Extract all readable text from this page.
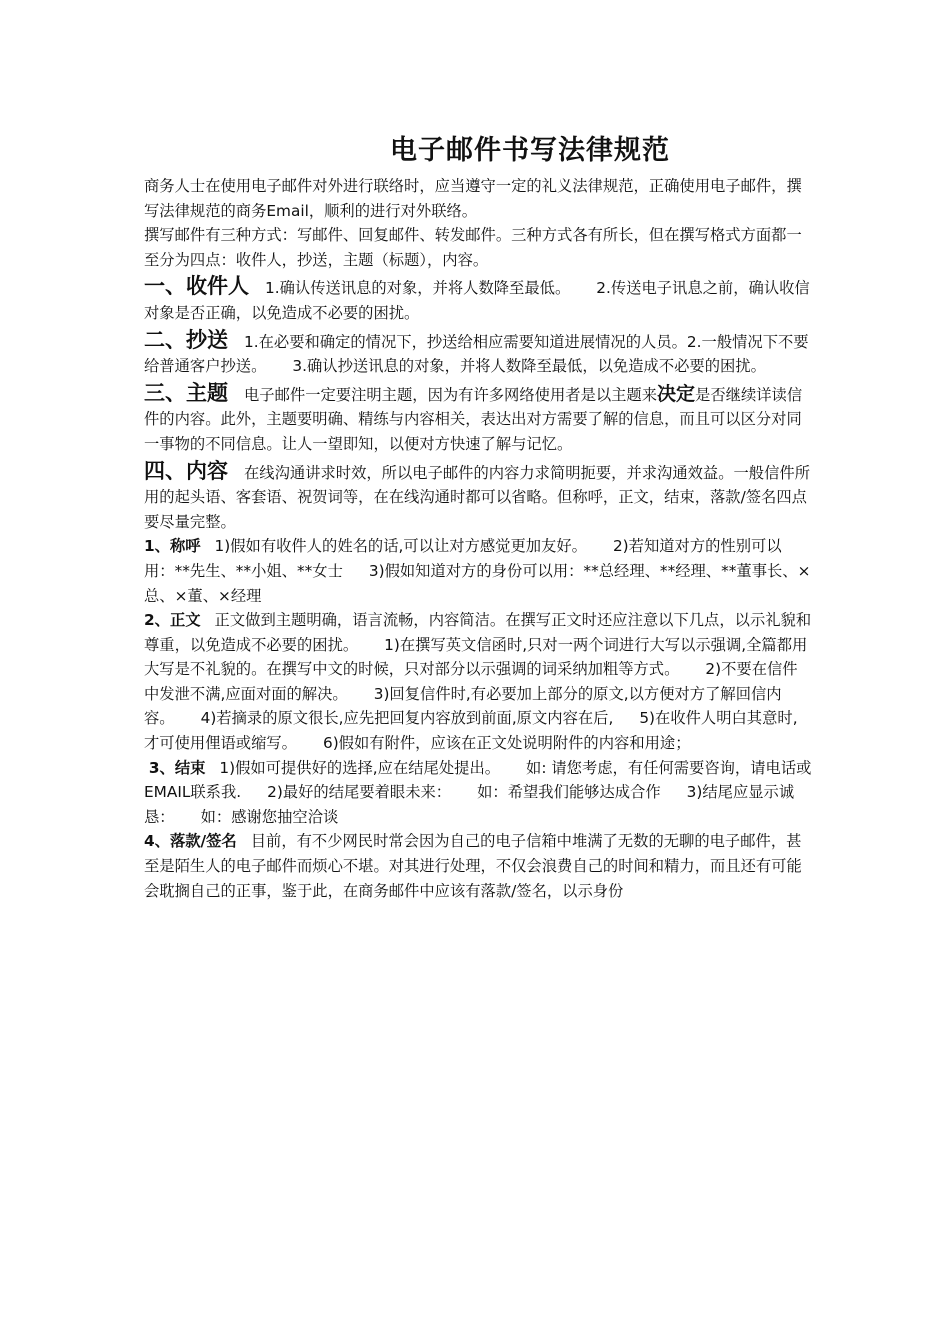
电子邮件书写法律规范

商务人士在使用电子邮件对外进行联络时，应当遵守一定的礼义法律规范，正确使用电子邮件，撰写法律规范的商务Email，顺利的进行对外联络。

撰写邮件有三种方式：写邮件、回复邮件、转发邮件。三种方式各有所长，但在撰写格式方面都一至分为四点：收件人，抄送，主题（标题），内容。

一、收件人 1.确认传送讯息的对象，并将人数降至最低。 2.传送电子讯息之前，确认收信对象是否正确，以免造成不必要的困扰。

二、抄送 1.在必要和确定的情况下，抄送给相应需要知道进展情况的人员。2.一般情况下不要给普通客户抄送。 3.确认抄送讯息的对象，并将人数降至最低，以免造成不必要的困扰。

三、主题 电子邮件一定要注明主题，因为有许多网络使用者是以主题来决定是否继续详读信件的内容。此外，主题要明确、精练与内容相关，表达出对方需要了解的信息，而且可以区分对同一事物的不同信息。让人一望即知，以便对方快速了解与记忆。

四、内容 在线沟通讲求时效，所以电子邮件的内容力求简明扼要，并求沟通效益。一般信件所用的起头语、客套语、祝贺词等，在在线沟通时都可以省略。但称呼，正文，结束，落款/签名四点要尽量完整。

1、称呼 1)假如有收件人的姓名的话,可以让对方感觉更加友好。 2)若知道对方的性别可以用：**先生、**小姐、**女士 3)假如知道对方的身份可以用：**总经理、**经理、**董事长、×总、×董、×经理

2、正文 正文做到主题明确，语言流畅，内容简洁。在撰写正文时还应注意以下几点，以示礼貌和尊重，以免造成不必要的困扰。 1)在撰写英文信函时,只对一两个词进行大写以示强调,全篇都用大写是不礼貌的。在撰写中文的时候，只对部分以示强调的词采纳加粗等方式。 2)不要在信件中发泄不满,应面对面的解决。 3)回复信件时,有必要加上部分的原文,以方便对方了解回信内容。 4)若摘录的原文很长,应先把回复内容放到前面,原文内容在后, 5)在收件人明白其意时,才可使用俚语或缩写。 6)假如有附件，应该在正文处说明附件的内容和用途；

3、结束 1)假如可提供好的选择,应在结尾处提出。 如: 请您考虑，有任何需要咨询，请电话或EMAIL联系我. 2)最好的结尾要着眼未来： 如：希望我们能够达成合作 3)结尾应显示诚恳： 如：感谢您抽空洽谈

4、落款/签名 目前，有不少网民时常会因为自己的电子信箱中堆满了无数的无聊的电子邮件，甚至是陌生人的电子邮件而烦心不堪。对其进行处理，不仅会浪费自己的时间和精力，而且还有可能会耽搁自己的正事，鉴于此，在商务邮件中应该有落款/签名，以示身份
